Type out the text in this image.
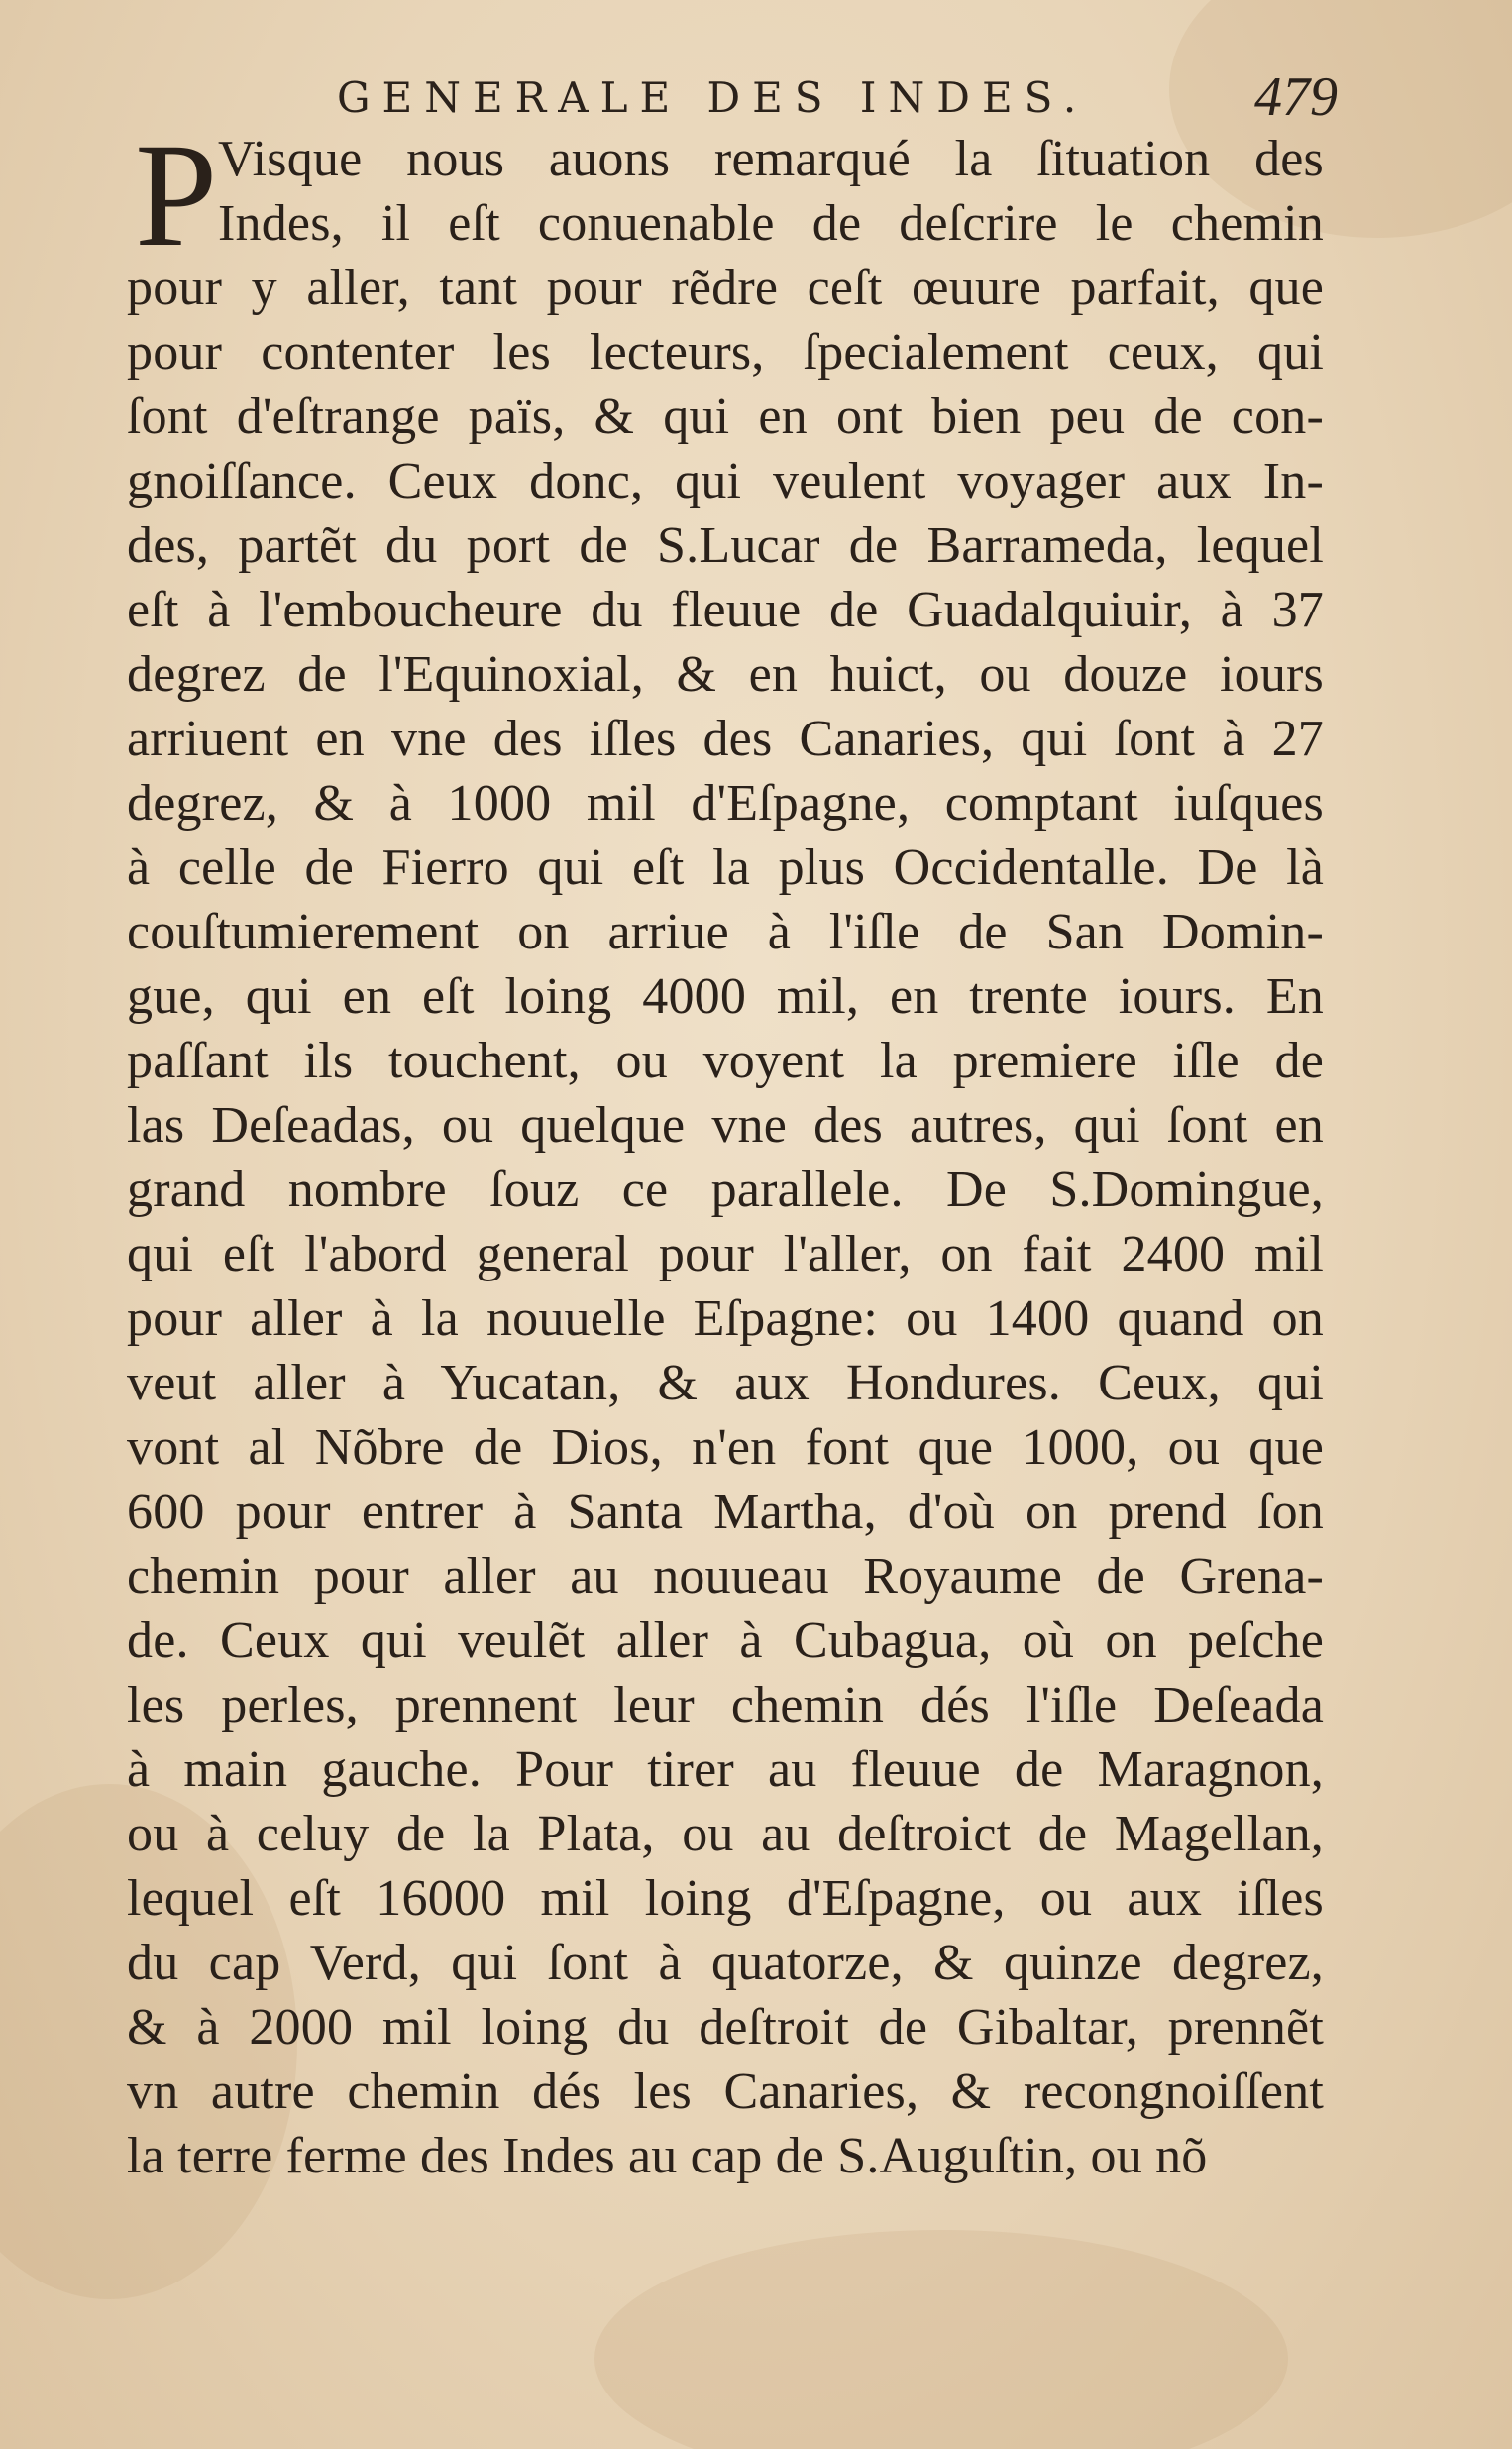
GENERALE DES INDES.	479
P Visque nous auons remarqué la ſituation des
Indes, il eſt conuenable de deſcrire le chemin
pour y aller, tant pour rẽdre ceſt œuure parfait, que
pour contenter les lecteurs, ſpecialement ceux, qui
ſont d'eſtrange païs, & qui en ont bien peu de con-
gnoiſſance. Ceux donc, qui veulent voyager aux In-
des, partẽt du port de S.Lucar de Barrameda, lequel
eſt à l'emboucheure du fleuue de Guadalquiuir, à 37
degrez de l'Equinoxial, & en huict, ou douze iours
arriuent en vne des iſles des Canaries, qui ſont à 27
degrez, & à 1000 mil d'Eſpagne, comptant iuſques
à celle de Fierro qui eſt la plus Occidentalle. De là
couſtumierement on arriue à l'iſle de San Domin-
gue, qui en eſt loing 4000 mil, en trente iours. En
paſſant ils touchent, ou voyent la premiere iſle de
las Deſeadas, ou quelque vne des autres, qui ſont en
grand nombre ſouz ce parallele. De S.Domingue,
qui eſt l'abord general pour l'aller, on fait 2400 mil
pour aller à la nouuelle Eſpagne: ou 1400 quand on
veut aller à Yucatan, & aux Hondures. Ceux, qui
vont al Nõbre de Dios, n'en font que 1000, ou que
600 pour entrer à Santa Martha, d'où on prend ſon
chemin pour aller au nouueau Royaume de Grena-
de. Ceux qui veulẽt aller à Cubagua, où on peſche
les perles, prennent leur chemin dés l'iſle Deſeada
à main gauche. Pour tirer au fleuue de Maragnon,
ou à celuy de la Plata, ou au deſtroict de Magellan,
lequel eſt 16000 mil loing d'Eſpagne, ou aux iſles
du cap Verd, qui ſont à quatorze, & quinze degrez,
& à 2000 mil loing du deſtroit de Gibaltar, prennẽt
vn autre chemin dés les Canaries, & recongnoiſſent
la terre ferme des Indes au cap de S.Auguſtin, ou nõ
